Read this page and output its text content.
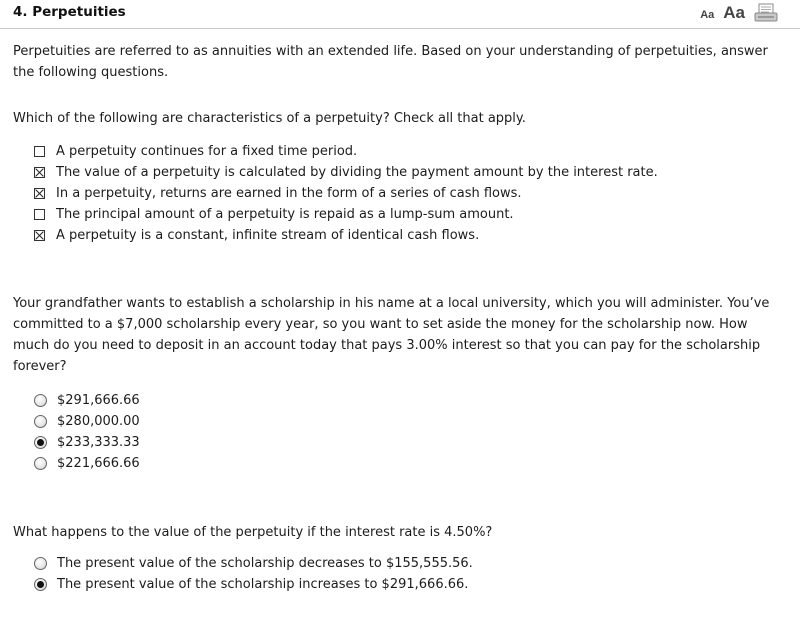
4. Perpetuities	Aa Aa
Perpetuities are referred to as annuities with an extended life. Based on your understanding of perpetuities, answer the following questions.
Which of the following are characteristics of a perpetuity? Check all that apply.
A perpetuity continues for a fixed time period.
The value of a perpetuity is calculated by dividing the payment amount by the interest rate.
In a perpetuity, returns are earned in the form of a series of cash flows.
The principal amount of a perpetuity is repaid as a lump-sum amount.
A perpetuity is a constant, infinite stream of identical cash flows.
Your grandfather wants to establish a scholarship in his name at a local university, which you will administer. You’ve committed to a $7,000 scholarship every year, so you want to set aside the money for the scholarship now. How much do you need to deposit in an account today that pays 3.00% interest so that you can pay for the scholarship forever?
$291,666.66
$280,000.00
$233,333.33
$221,666.66
What happens to the value of the perpetuity if the interest rate is 4.50%?
The present value of the scholarship decreases to $155,555.56.
The present value of the scholarship increases to $291,666.66.
